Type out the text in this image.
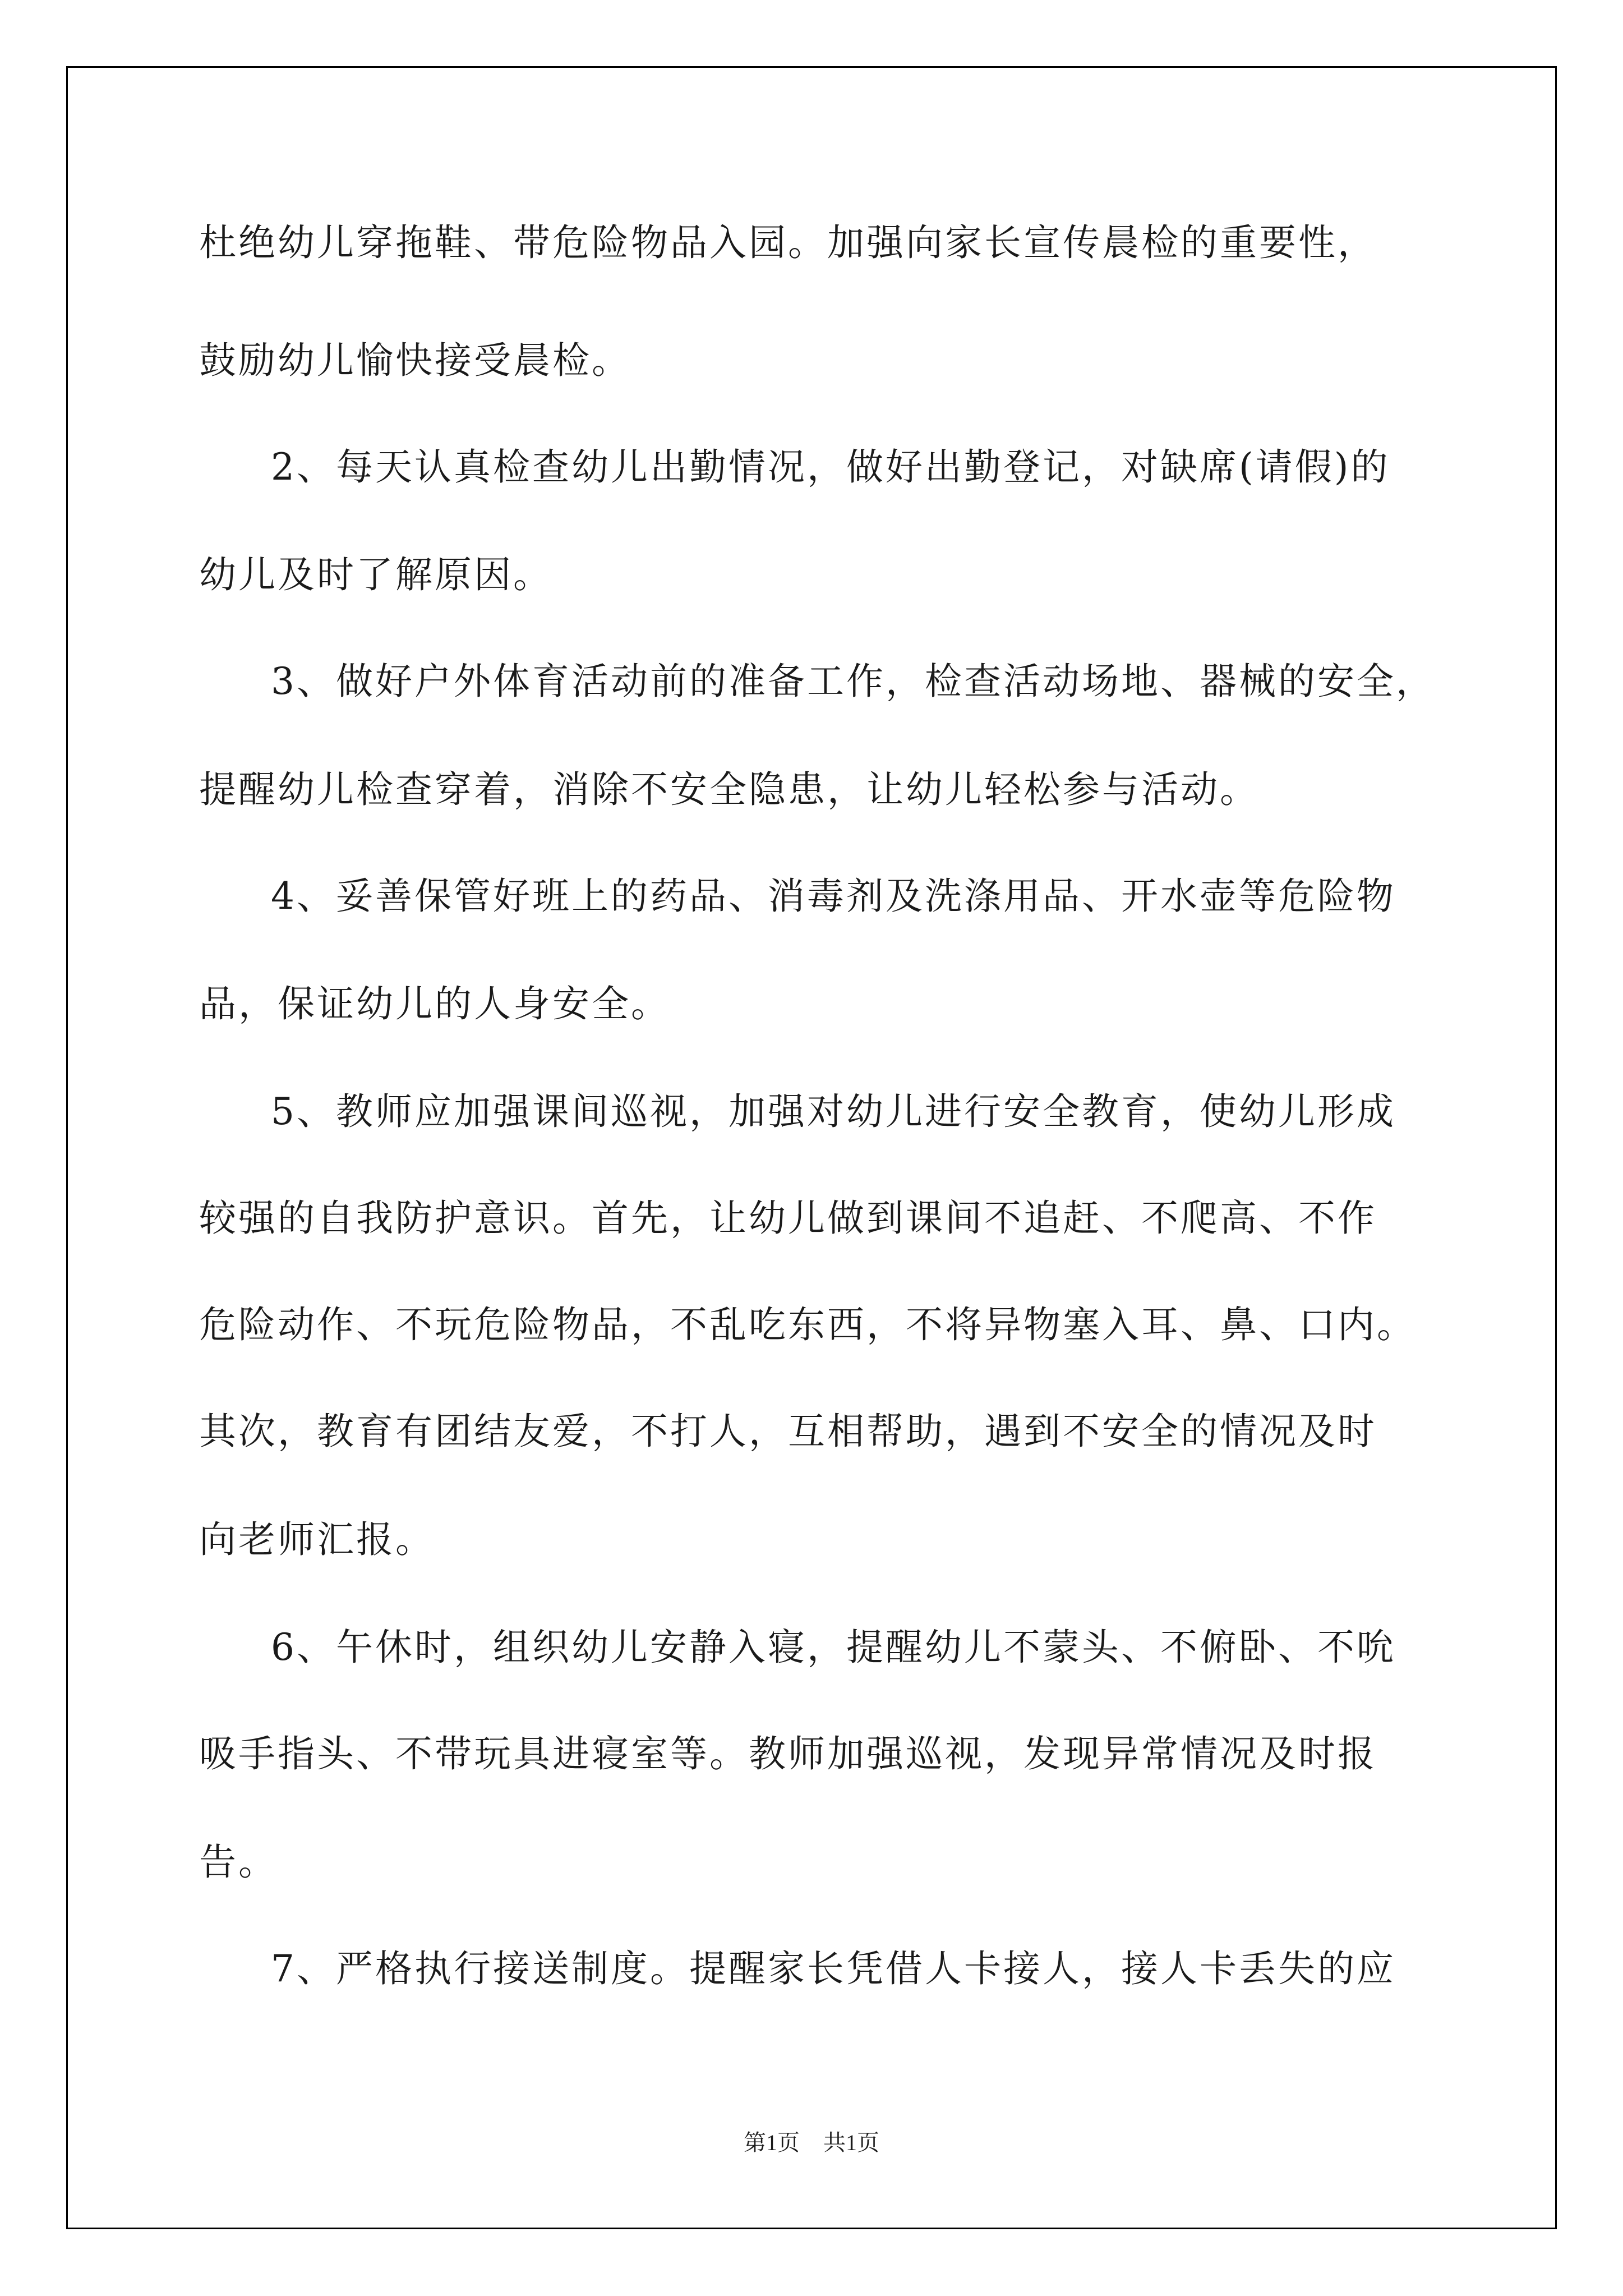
杜绝幼儿穿拖鞋、带危险物品入园。加强向家长宣传晨检的重要性，
鼓励幼儿愉快接受晨检。
2、每天认真检查幼儿出勤情况，做好出勤登记，对缺席(请假)的
幼儿及时了解原因。
3、做好户外体育活动前的准备工作，检查活动场地、器械的安全，
提醒幼儿检查穿着，消除不安全隐患，让幼儿轻松参与活动。
4、妥善保管好班上的药品、消毒剂及洗涤用品、开水壶等危险物
品，保证幼儿的人身安全。
5、教师应加强课间巡视，加强对幼儿进行安全教育，使幼儿形成
较强的自我防护意识。首先，让幼儿做到课间不追赶、不爬高、不作
危险动作、不玩危险物品，不乱吃东西，不将异物塞入耳、鼻、口内。
其次，教育有团结友爱，不打人，互相帮助，遇到不安全的情况及时
向老师汇报。
6、午休时，组织幼儿安静入寝，提醒幼儿不蒙头、不俯卧、不吮
吸手指头、不带玩具进寝室等。教师加强巡视，发现异常情况及时报
告。
7、严格执行接送制度。提醒家长凭借人卡接人，接人卡丢失的应
第1页 共1页
